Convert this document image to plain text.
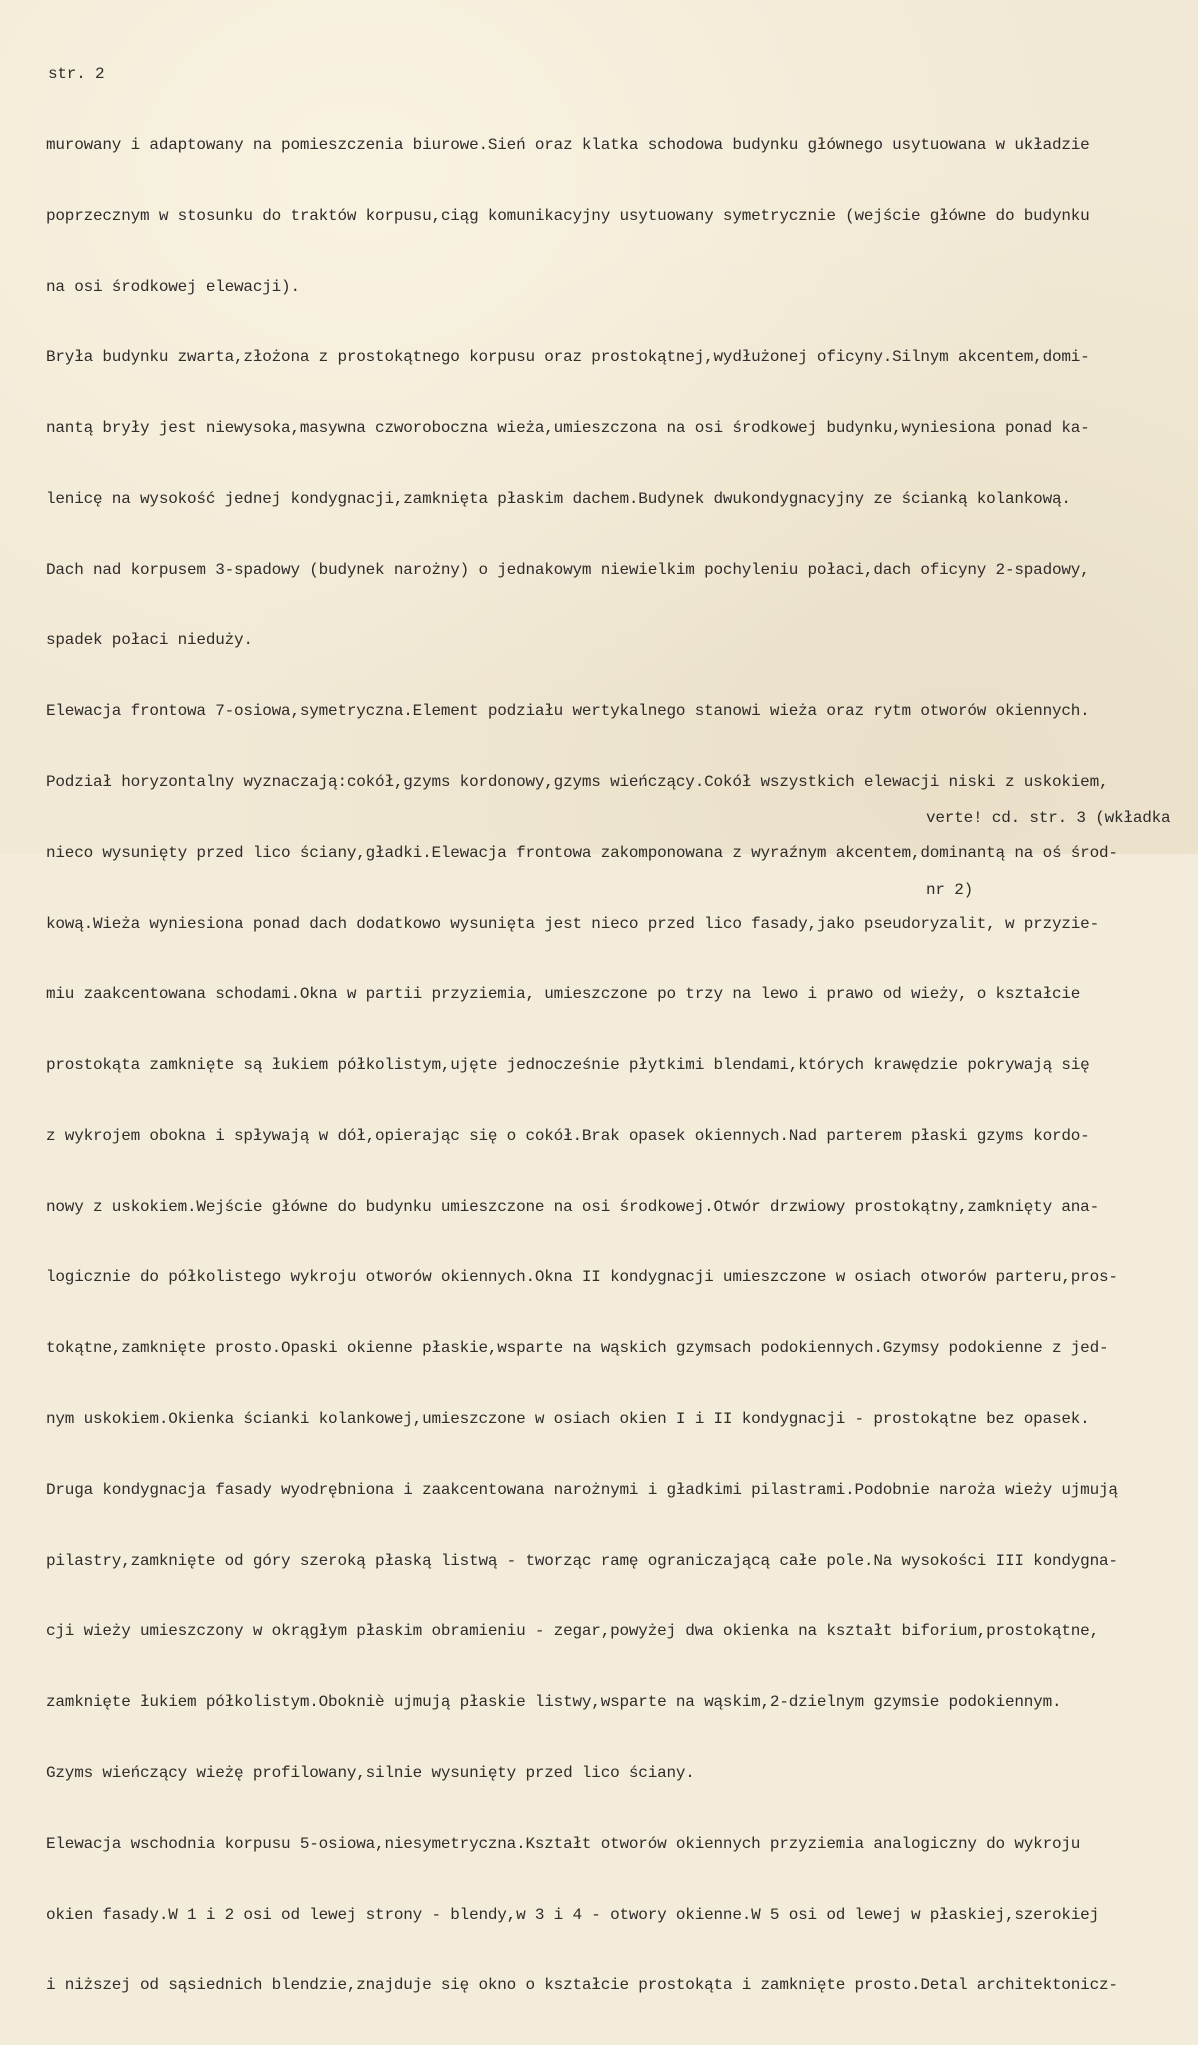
str. 2

murowany i adaptowany na pomieszczenia biurowe.Sień oraz klatka schodowa budynku głównego usytuowana w układzie

poprzecznym w stosunku do traktów korpusu,ciąg komunikacyjny usytuowany symetrycznie (wejście główne do budynku

na osi środkowej elewacji).

Bryła budynku zwarta,złożona z prostokątnego korpusu oraz prostokątnej,wydłużonej oficyny.Silnym akcentem,domi-

nantą bryły jest niewysoka,masywna czworoboczna wieża,umieszczona na osi środkowej budynku,wyniesiona ponad ka-

lenicę na wysokość jednej kondygnacji,zamknięta płaskim dachem.Budynek dwukondygnacyjny ze ścianką kolankową.

Dach nad korpusem 3-spadowy (budynek narożny) o jednakowym niewielkim pochyleniu połaci,dach oficyny 2-spadowy,

spadek połaci nieduży.

Elewacja frontowa 7-osiowa,symetryczna.Element podziału wertykalnego stanowi wieża oraz rytm otworów okiennych.

Podział horyzontalny wyznaczają:cokół,gzyms kordonowy,gzyms wieńczący.Cokół wszystkich elewacji niski z uskokiem,

nieco wysunięty przed lico ściany,gładki.Elewacja frontowa zakomponowana z wyraźnym akcentem,dominantą na oś środ-

kową.Wieża wyniesiona ponad dach dodatkowo wysunięta jest nieco przed lico fasady,jako pseudoryzalit, w przyzie-

miu zaakcentowana schodami.Okna w partii przyziemia, umieszczone po trzy na lewo i prawo od wieży, o kształcie

prostokąta zamknięte są łukiem półkolistym,ujęte jednocześnie płytkimi blendami,których krawędzie pokrywają się

z wykrojem obokna i spływają w dół,opierając się o cokół.Brak opasek okiennych.Nad parterem płaski gzyms kordo-

nowy z uskokiem.Wejście główne do budynku umieszczone na osi środkowej.Otwór drzwiowy prostokątny,zamknięty ana-

logicznie do półkolistego wykroju otworów okiennych.Okna II kondygnacji umieszczone w osiach otworów parteru,pros-

tokątne,zamknięte prosto.Opaski okienne płaskie,wsparte na wąskich gzymsach podokiennych.Gzymsy podokienne z jed-

nym uskokiem.Okienka ścianki kolankowej,umieszczone w osiach okien I i II kondygnacji - prostokątne bez opasek.

Druga kondygnacja fasady wyodrębniona i zaakcentowana narożnymi i gładkimi pilastrami.Podobnie naroża wieży ujmują

pilastry,zamknięte od góry szeroką płaską listwą - tworząc ramę ograniczającą całe pole.Na wysokości III kondygna-

cji wieży umieszczony w okrągłym płaskim obramieniu - zegar,powyżej dwa okienka na kształt biforium,prostokątne,

zamknięte łukiem półkolistym.Obokniè ujmują płaskie listwy,wsparte na wąskim,2-dzielnym gzymsie podokiennym.

Gzyms wieńczący wieżę profilowany,silnie wysunięty przed lico ściany.

Elewacja wschodnia korpusu 5-osiowa,niesymetryczna.Kształt otworów okiennych przyziemia analogiczny do wykroju

okien fasady.W 1 i 2 osi od lewej strony - blendy,w 3 i 4 - otwory okienne.W 5 osi od lewej w płaskiej,szerokiej

i niższej od sąsiednich blendzie,znajduje się okno o kształcie prostokąta i zamknięte prosto.Detal architektonicz-

verte! cd. str. 3 (wkładka

nr 2)
